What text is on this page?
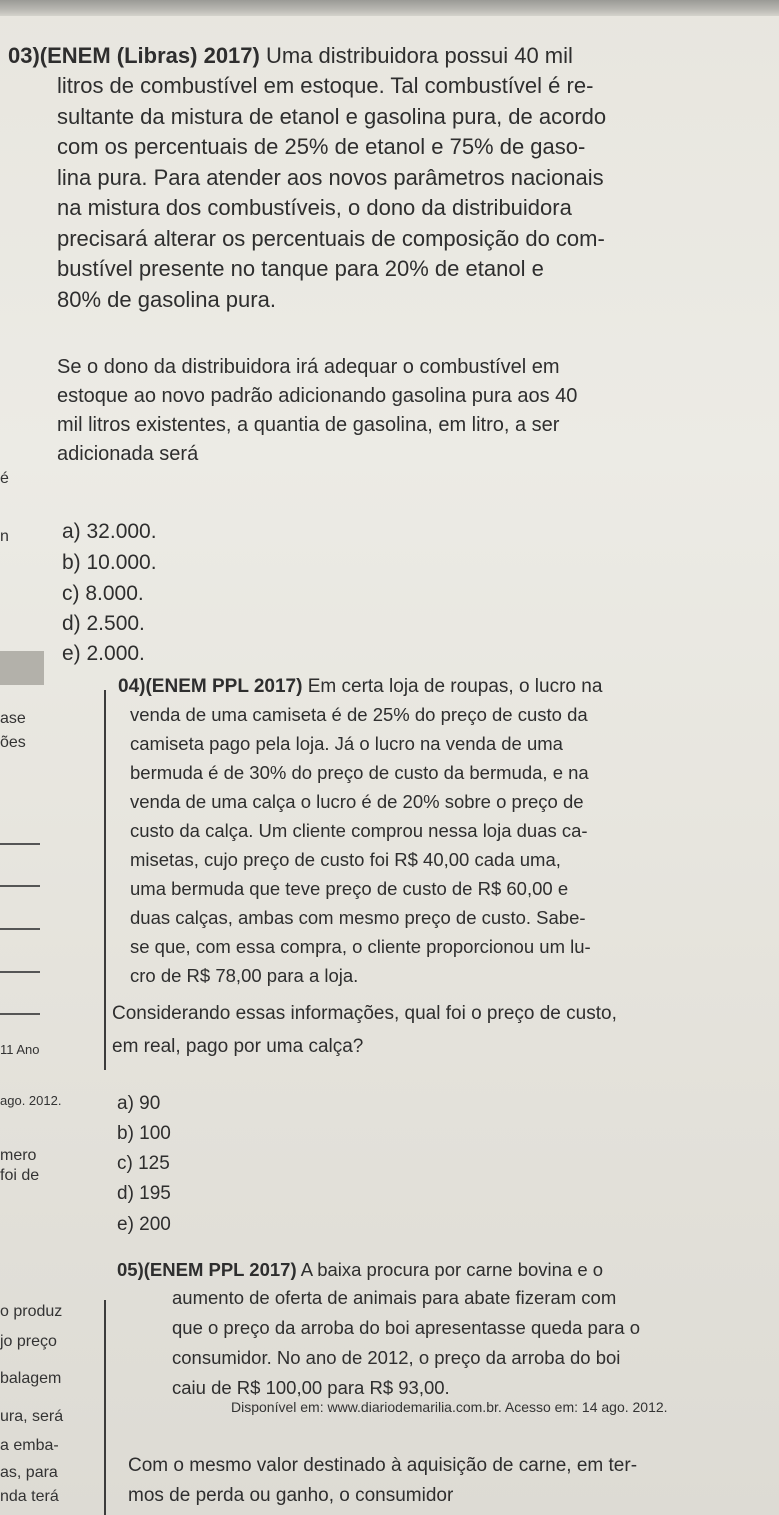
é
n
ase
ões
11 Ano
ago. 2012.
mero
foi de
o produz
jo preço
balagem
ura, será
a emba-
as, para
nda terá
03)(ENEM (Libras) 2017) Uma distribuidora possui 40 mil
litros de combustível em estoque. Tal combustível é re-
sultante da mistura de etanol e gasolina pura, de acordo
com os percentuais de 25% de etanol e 75% de gaso-
lina pura. Para atender aos novos parâmetros nacionais
na mistura dos combustíveis, o dono da distribuidora
precisará alterar os percentuais de composição do com-
bustível presente no tanque para 20% de etanol e
80% de gasolina pura.
Se o dono da distribuidora irá adequar o combustível em
estoque ao novo padrão adicionando gasolina pura aos 40
mil litros existentes, a quantia de gasolina, em litro, a ser
adicionada será
a) 32.000.
b) 10.000.
c) 8.000.
d) 2.500.
e) 2.000.
04)(ENEM PPL 2017) Em certa loja de roupas, o lucro na
venda de uma camiseta é de 25% do preço de custo da
camiseta pago pela loja. Já o lucro na venda de uma
bermuda é de 30% do preço de custo da bermuda, e na
venda de uma calça o lucro é de 20% sobre o preço de
custo da calça. Um cliente comprou nessa loja duas ca-
misetas, cujo preço de custo foi R$ 40,00 cada uma,
uma bermuda que teve preço de custo de R$ 60,00 e
duas calças, ambas com mesmo preço de custo. Sabe-
se que, com essa compra, o cliente proporcionou um lu-
cro de R$ 78,00 para a loja.
Considerando essas informações, qual foi o preço de custo,
em real, pago por uma calça?
a) 90
b) 100
c) 125
d) 195
e) 200
05)(ENEM PPL 2017) A baixa procura por carne bovina e o
aumento de oferta de animais para abate fizeram com
que o preço da arroba do boi apresentasse queda para o
consumidor. No ano de 2012, o preço da arroba do boi
caiu de R$ 100,00 para R$ 93,00.
Disponível em: www.diariodemarilia.com.br. Acesso em: 14 ago. 2012.
Com o mesmo valor destinado à aquisição de carne, em ter-
mos de perda ou ganho, o consumidor
